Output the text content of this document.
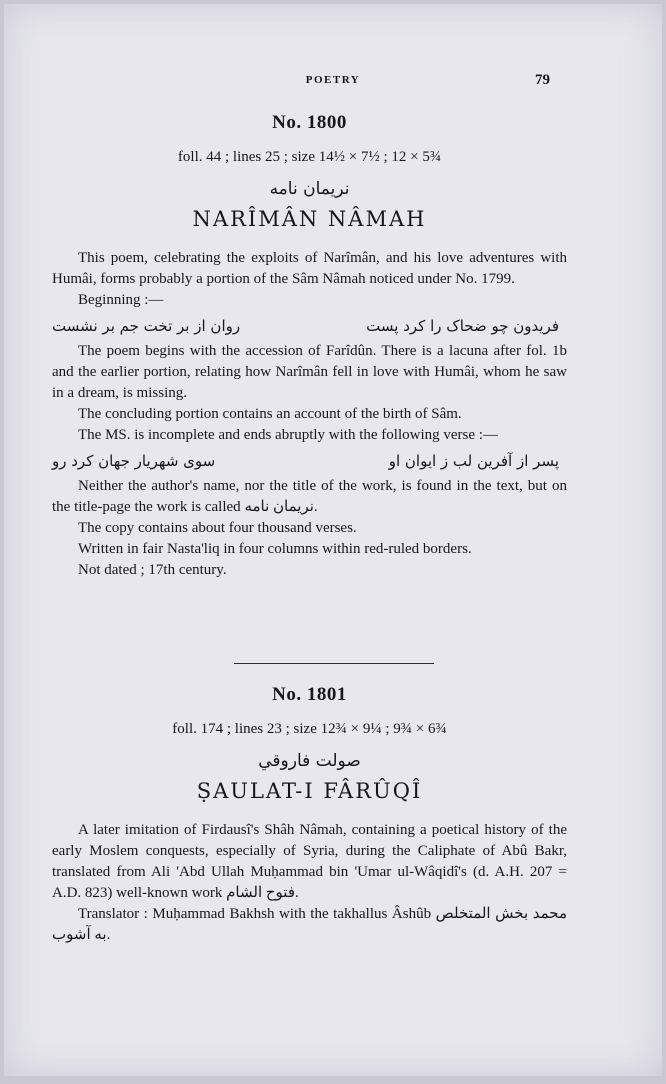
POETRY	79

No. 1800

foll. 44 ; lines 25 ; size 14½ × 7½ ; 12 × 5¾

نریمان نامه

NARÎMÂN NÂMAH

This poem, celebrating the exploits of Narîmân, and his love adventures with Humâi, forms probably a portion of the Sâm Nâmah noticed under No. 1799.

Beginning :—

فریدون چو ضحاک را کرد پست
روان از بر تخت جم بر نشست

The poem begins with the accession of Farîdûn. There is a lacuna after fol. 1b and the earlier portion, relating how Narîmân fell in love with Humâi, whom he saw in a dream, is missing.

The concluding portion contains an account of the birth of Sâm.

The MS. is incomplete and ends abruptly with the following verse :—

پسر از آفرین لب ز ایوان او
سوی شهریار جهان کرد رو

Neither the author's name, nor the title of the work, is found in the text, but on the title-page the work is called نریمان نامه.

The copy contains about four thousand verses.

Written in fair Nasta'liq in four columns within red-ruled borders.

Not dated ; 17th century.

No. 1801

foll. 174 ; lines 23 ; size 12¾ × 9¼ ; 9¾ × 6¾

صولت فاروقي

ṢAULAT-I FÂRÛQÎ

A later imitation of Firdausî's Shâh Nâmah, containing a poetical history of the early Moslem conquests, especially of Syria, during the Caliphate of Abû Bakr, translated from Ali 'Abd Ullah Muḥammad bin 'Umar ul-Wâqidî's (d. A.H. 207 = A.D. 823) well-known work فتوح الشام.

Translator : Muḥammad Bakhsh with the takhallus Âshûb محمد بخش المتخلص به آشوب.
